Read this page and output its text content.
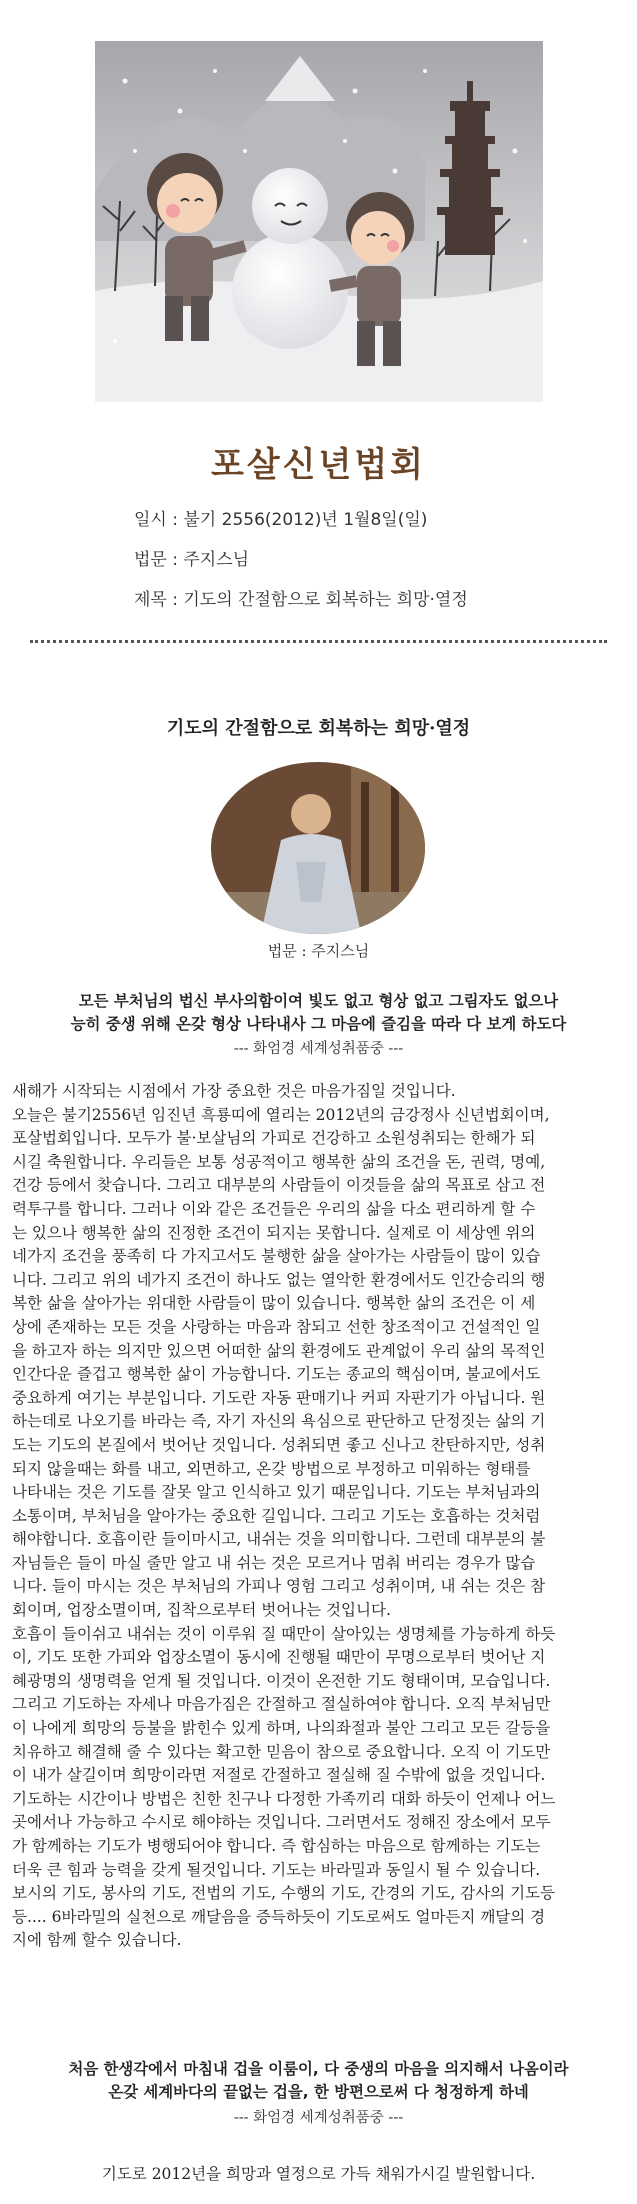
포살신년법회
일시 : 불기 2556(2012)년 1월8일(일)
법문 : 주지스님
제목 : 기도의 간절함으로 회복하는 희망·열정
기도의 간절함으로 회복하는 희망·열정
법문 : 주지스님
모든 부처님의 법신 부사의함이여 빛도 없고 형상 없고 그림자도 없으나
능히 중생 위해 온갖 형상 나타내사 그 마음에 즐김을 따라 다 보게 하도다
--- 화엄경 세계성취품중 ---
새해가 시작되는 시점에서 가장 중요한 것은 마음가짐일 것입니다.
오늘은 불기2556년 임진년 흑룡띠에 열리는 2012년의 금강정사 신년법회이며,
포살법회입니다. 모두가 불·보살님의 가피로 건강하고 소원성취되는 한해가 되
시길 축원합니다. 우리들은 보통 성공적이고 행복한 삶의 조건을 돈, 권력, 명예,
건강 등에서 찾습니다. 그리고 대부분의 사람들이 이것들을 삶의 목표로 삼고 전
력투구를 합니다. 그러나 이와 같은 조건들은 우리의 삶을 다소 편리하게 할 수
는 있으나 행복한 삶의 진정한 조건이 되지는 못합니다. 실제로 이 세상엔 위의
네가지 조건을 풍족히 다 가지고서도 불행한 삶을 살아가는 사람들이 많이 있습
니다. 그리고 위의 네가지 조건이 하나도 없는 열악한 환경에서도 인간승리의 행
복한 삶을 살아가는 위대한 사람들이 많이 있습니다. 행복한 삶의 조건은 이 세
상에 존재하는 모든 것을 사랑하는 마음과 참되고 선한 창조적이고 건설적인 일
을 하고자 하는 의지만 있으면 어떠한 삶의 환경에도 관계없이 우리 삶의 목적인
인간다운 즐겁고 행복한 삶이 가능합니다. 기도는 종교의 핵심이며, 불교에서도
중요하게 여기는 부분입니다. 기도란 자동 판매기나 커피 자판기가 아닙니다. 원
하는데로 나오기를 바라는 즉, 자기 자신의 욕심으로 판단하고 단정짓는 삶의 기
도는 기도의 본질에서 벗어난 것입니다. 성취되면 좋고 신나고 찬탄하지만, 성취
되지 않을때는 화를 내고, 외면하고, 온갖 방법으로 부정하고 미워하는 형태를
나타내는 것은 기도를 잘못 알고 인식하고 있기 때문입니다. 기도는 부처님과의
소통이며, 부처님을 알아가는 중요한 길입니다. 그리고 기도는 호흡하는 것처럼
해야합니다. 호흡이란 들이마시고, 내쉬는 것을 의미합니다. 그런데 대부분의 불
자님들은 들이 마실 줄만 알고 내 쉬는 것은 모르거나 멈춰 버리는 경우가 많습
니다. 들이 마시는 것은 부처님의 가피나 영험 그리고 성취이며, 내 쉬는 것은 참
회이며, 업장소멸이며, 집착으로부터 벗어나는 것입니다.
호흡이 들이쉬고 내쉬는 것이 이루워 질 때만이 살아있는 생명체를 가능하게 하듯
이, 기도 또한 가피와 업장소멸이 동시에 진행될 때만이 무명으로부터 벗어난 지
혜광명의 생명력을 얻게 될 것입니다. 이것이 온전한 기도 형태이며, 모습입니다.
그리고 기도하는 자세나 마음가짐은 간절하고 절실하여야 합니다. 오직 부처님만
이 나에게 희망의 등불을 밝힌수 있게 하며, 나의좌절과 불안 그리고 모든 갈등을
치유하고 해결해 줄 수 있다는 확고한 믿음이 참으로 중요합니다. 오직 이 기도만
이 내가 살길이며 희망이라면 저절로 간절하고 절실해 질 수밖에 없을 것입니다.
기도하는 시간이나 방법은 친한 친구나 다정한 가족끼리 대화 하듯이 언제나 어느
곳에서나 가능하고 수시로 해야하는 것입니다. 그러면서도 정해진 장소에서 모두
가 함께하는 기도가 병행되어야 합니다. 즉 합심하는 마음으로 함께하는 기도는
더욱 큰 힘과 능력을 갖게 될것입니다. 기도는 바라밀과 동일시 될 수 있습니다.
보시의 기도, 봉사의 기도, 전법의 기도, 수행의 기도, 간경의 기도, 감사의 기도등
등.... 6바라밀의 실천으로 깨달음을 증득하듯이 기도로써도 얼마든지 깨달의 경
지에 함께 할수 있습니다.
처음 한생각에서 마침내 겁을 이룸이, 다 중생의 마음을 의지해서 나옴이라
온갖 세계바다의 끝없는 겁을, 한 방편으로써 다 청정하게 하네
--- 화엄경 세계성취품중 ---
기도로 2012년을 희망과 열정으로 가득 채워가시길 발원합니다.
